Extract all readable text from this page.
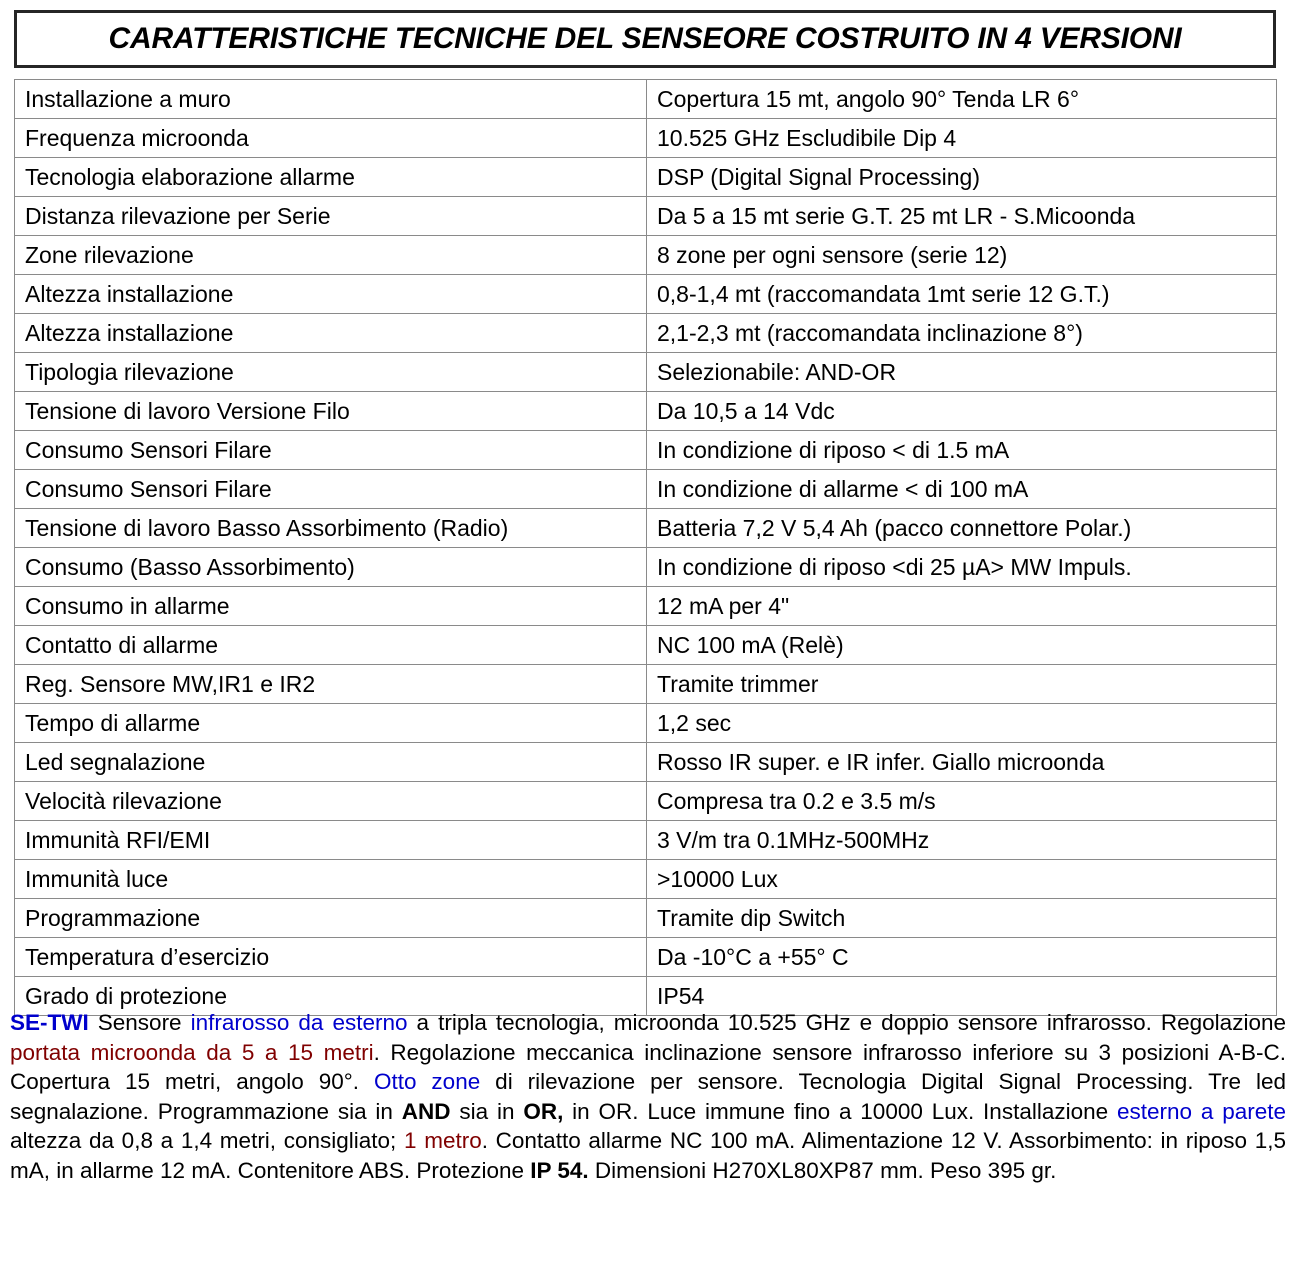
CARATTERISTICHE TECNICHE DEL SENSEORE COSTRUITO IN 4 VERSIONI
Installazione a muro	Copertura 15 mt, angolo 90° Tenda LR 6°
Frequenza microonda	10.525 GHz Escludibile Dip 4
Tecnologia elaborazione allarme	DSP (Digital Signal Processing)
Distanza rilevazione per Serie	Da 5 a 15 mt serie G.T. 25 mt LR - S.Micoonda
Zone rilevazione	8 zone per ogni sensore (serie 12)
Altezza installazione	0,8-1,4 mt (raccomandata 1mt serie 12 G.T.)
Altezza installazione	2,1-2,3 mt (raccomandata inclinazione 8°)
Tipologia rilevazione	Selezionabile: AND-OR
Tensione di lavoro Versione Filo	Da 10,5 a 14 Vdc
Consumo Sensori Filare	In condizione di riposo < di 1.5 mA
Consumo Sensori Filare	In condizione di allarme < di 100 mA
Tensione di lavoro Basso Assorbimento (Radio)	Batteria 7,2 V 5,4 Ah (pacco connettore Polar.)
Consumo (Basso Assorbimento)	In condizione di riposo <di 25 µA> MW Impuls.
Consumo in allarme	12 mA per 4"
Contatto di allarme	NC 100 mA (Relè)
Reg. Sensore MW,IR1 e IR2	Tramite trimmer
Tempo di allarme	1,2 sec
Led segnalazione	Rosso IR super. e IR infer. Giallo microonda
Velocità rilevazione	Compresa tra 0.2 e 3.5 m/s
Immunità RFI/EMI	3 V/m tra 0.1MHz-500MHz
Immunità luce	>10000 Lux
Programmazione	Tramite dip Switch
Temperatura d’esercizio	Da -10°C a +55° C
Grado di protezione	IP54
SE-TWI Sensore infrarosso da esterno a tripla tecnologia, microonda 10.525 GHz e doppio sensore infrarosso. Regolazione portata microonda da 5 a 15 metri. Regolazione meccanica inclinazione sensore infrarosso inferiore su 3 posizioni A-B-C. Copertura 15 metri, angolo 90°. Otto zone di rilevazione per sensore. Tecnologia Digital Signal Processing. Tre led segnalazione. Programmazione sia in AND sia in OR, in OR. Luce immune fino a 10000 Lux. Installazione esterno a parete altezza da 0,8 a 1,4 metri, consigliato; 1 metro. Contatto allarme NC 100 mA. Alimentazione 12 V. Assorbimento: in riposo 1,5 mA, in allarme 12 mA. Contenitore ABS. Protezione IP 54. Dimensioni H270XL80XP87 mm. Peso 395 gr.
